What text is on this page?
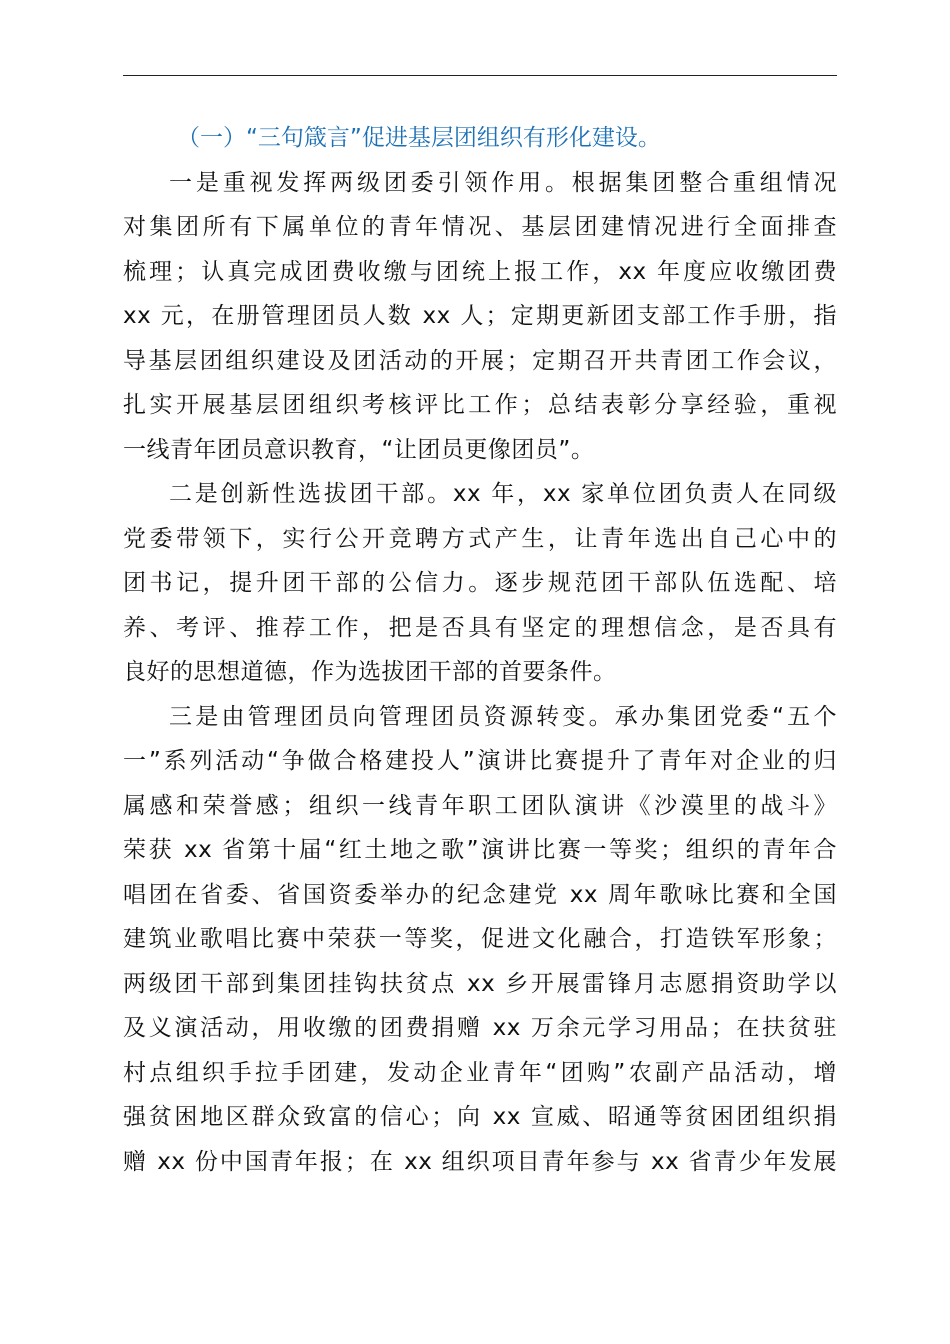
（一）“三句箴言”促进基层团组织有形化建设。

一是重视发挥两级团委引领作用。根据集团整合重组情况
对集团所有下属单位的青年情况、基层团建情况进行全面排查
梳理；认真完成团费收缴与团统上报工作，xx 年度应收缴团费
xx 元，在册管理团员人数 xx 人；定期更新团支部工作手册，指
导基层团组织建设及团活动的开展；定期召开共青团工作会议，
扎实开展基层团组织考核评比工作；总结表彰分享经验，重视
一线青年团员意识教育，“让团员更像团员”。

二是创新性选拔团干部。xx 年，xx 家单位团负责人在同级
党委带领下，实行公开竞聘方式产生，让青年选出自己心中的
团书记，提升团干部的公信力。逐步规范团干部队伍选配、培
养、考评、推荐工作，把是否具有坚定的理想信念，是否具有
良好的思想道德，作为选拔团干部的首要条件。

三是由管理团员向管理团员资源转变。承办集团党委“五个
一”系列活动“争做合格建投人”演讲比赛提升了青年对企业的归
属感和荣誉感；组织一线青年职工团队演讲《沙漠里的战斗》
荣获 xx 省第十届“红土地之歌”演讲比赛一等奖；组织的青年合
唱团在省委、省国资委举办的纪念建党 xx 周年歌咏比赛和全国
建筑业歌唱比赛中荣获一等奖，促进文化融合，打造铁军形象；
两级团干部到集团挂钩扶贫点 xx 乡开展雷锋月志愿捐资助学以
及义演活动，用收缴的团费捐赠 xx 万余元学习用品；在扶贫驻
村点组织手拉手团建，发动企业青年“团购”农副产品活动，增
强贫困地区群众致富的信心；向 xx 宣威、昭通等贫困团组织捐
赠 xx 份中国青年报；在 xx 组织项目青年参与 xx 省青少年发展
